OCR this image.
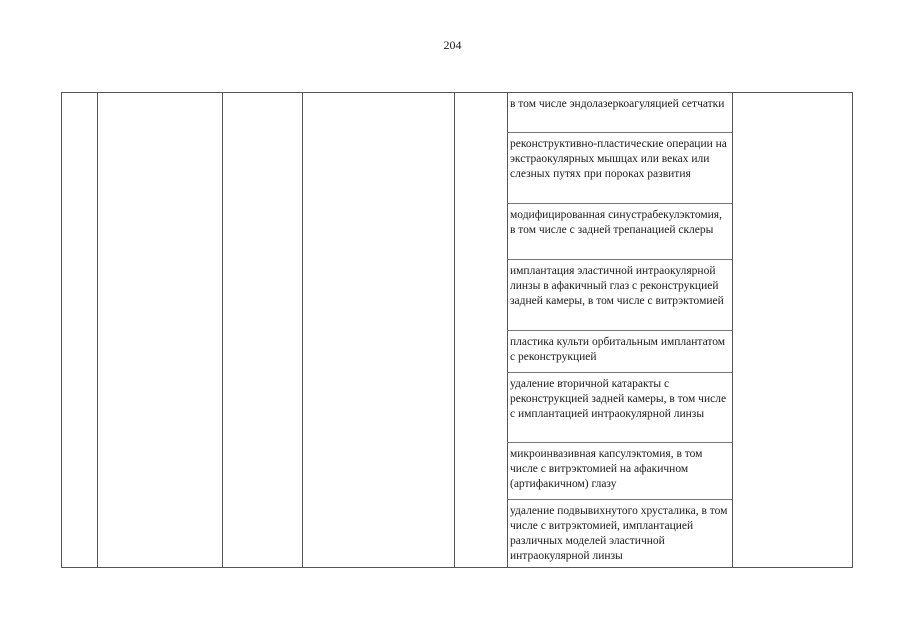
204
в том числе эндолазеркоагуляцией сетчатки
реконструктивно-пластические операции на экстраокулярных мышцах или веках или слезных путях при пороках развития
модифицированная синустрабекулэктомия, в том числе с задней трепанацией склеры
имплантация эластичной интраокулярной линзы в афакичный глаз с реконструкцией задней камеры, в том числе с витрэктомией
пластика культи орбитальным имплантатом с реконструкцией
удаление вторичной катаракты с реконструкцией задней камеры, в том числе с имплантацией интраокулярной линзы
микроинвазивная капсулэктомия, в том числе с витрэктомией на афакичном (артифакичном) глазу
удаление подвывихнутого хрусталика, в том числе с витрэктомией, имплантацией различных моделей эластичной интраокулярной линзы
